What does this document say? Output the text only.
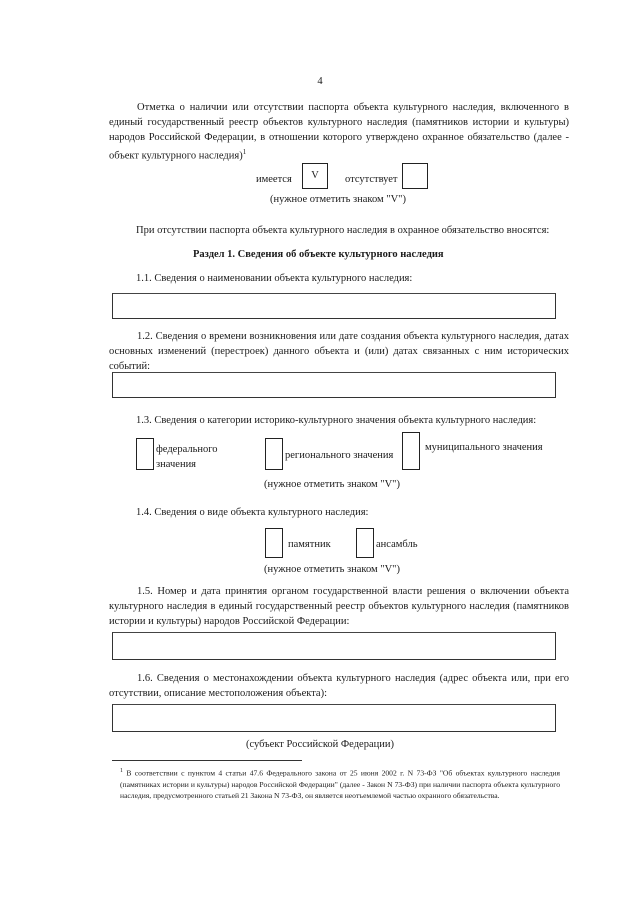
4
Отметка о наличии или отсутствии паспорта объекта культурного наследия, включенного в единый государственный реестр объектов культурного наследия (памятников истории и культуры) народов Российской Федерации, в отношении которого утверждено охранное обязательство (далее - объект культурного наследия)$^1$
имеется	V	отсутствует
(нужное отметить знаком "V")
При отсутствии паспорта объекта культурного наследия в охранное обязательство вносятся:
Раздел 1. Сведения об объекте культурного наследия
1.1. Сведения о наименовании объекта культурного наследия:
1.2. Сведения о времени возникновения или дате создания объекта культурного наследия, датах основных изменений (перестроек) данного объекта и (или) датах связанных с ним исторических событий:
1.3. Сведения о категории историко-культурного значения объекта культурного наследия:
федерального
значения
регионального значения
муниципального значения
(нужное отметить знаком "V")
1.4. Сведения о виде объекта культурного наследия:
памятник	ансамбль
(нужное отметить знаком "V")
1.5. Номер и дата принятия органом государственной власти решения о включении объекта культурного наследия в единый государственный реестр объектов культурного наследия (памятников истории и культуры) народов Российской Федерации:
1.6. Сведения о местонахождении объекта культурного наследия (адрес объекта или, при его отсутствии, описание местоположения объекта):
(субъект Российской Федерации)
$^1$ В соответствии с пунктом 4 статьи 47.6 Федерального закона от 25 июня 2002 г. N 73-ФЗ "Об объектах культурного наследия (памятниках истории и культуры) народов Российской Федерации" (далее - Закон N 73-ФЗ) при наличии паспорта объекта культурного наследия, предусмотренного статьей 21 Закона N 73-ФЗ, он является неотъемлемой частью охранного обязательства.
